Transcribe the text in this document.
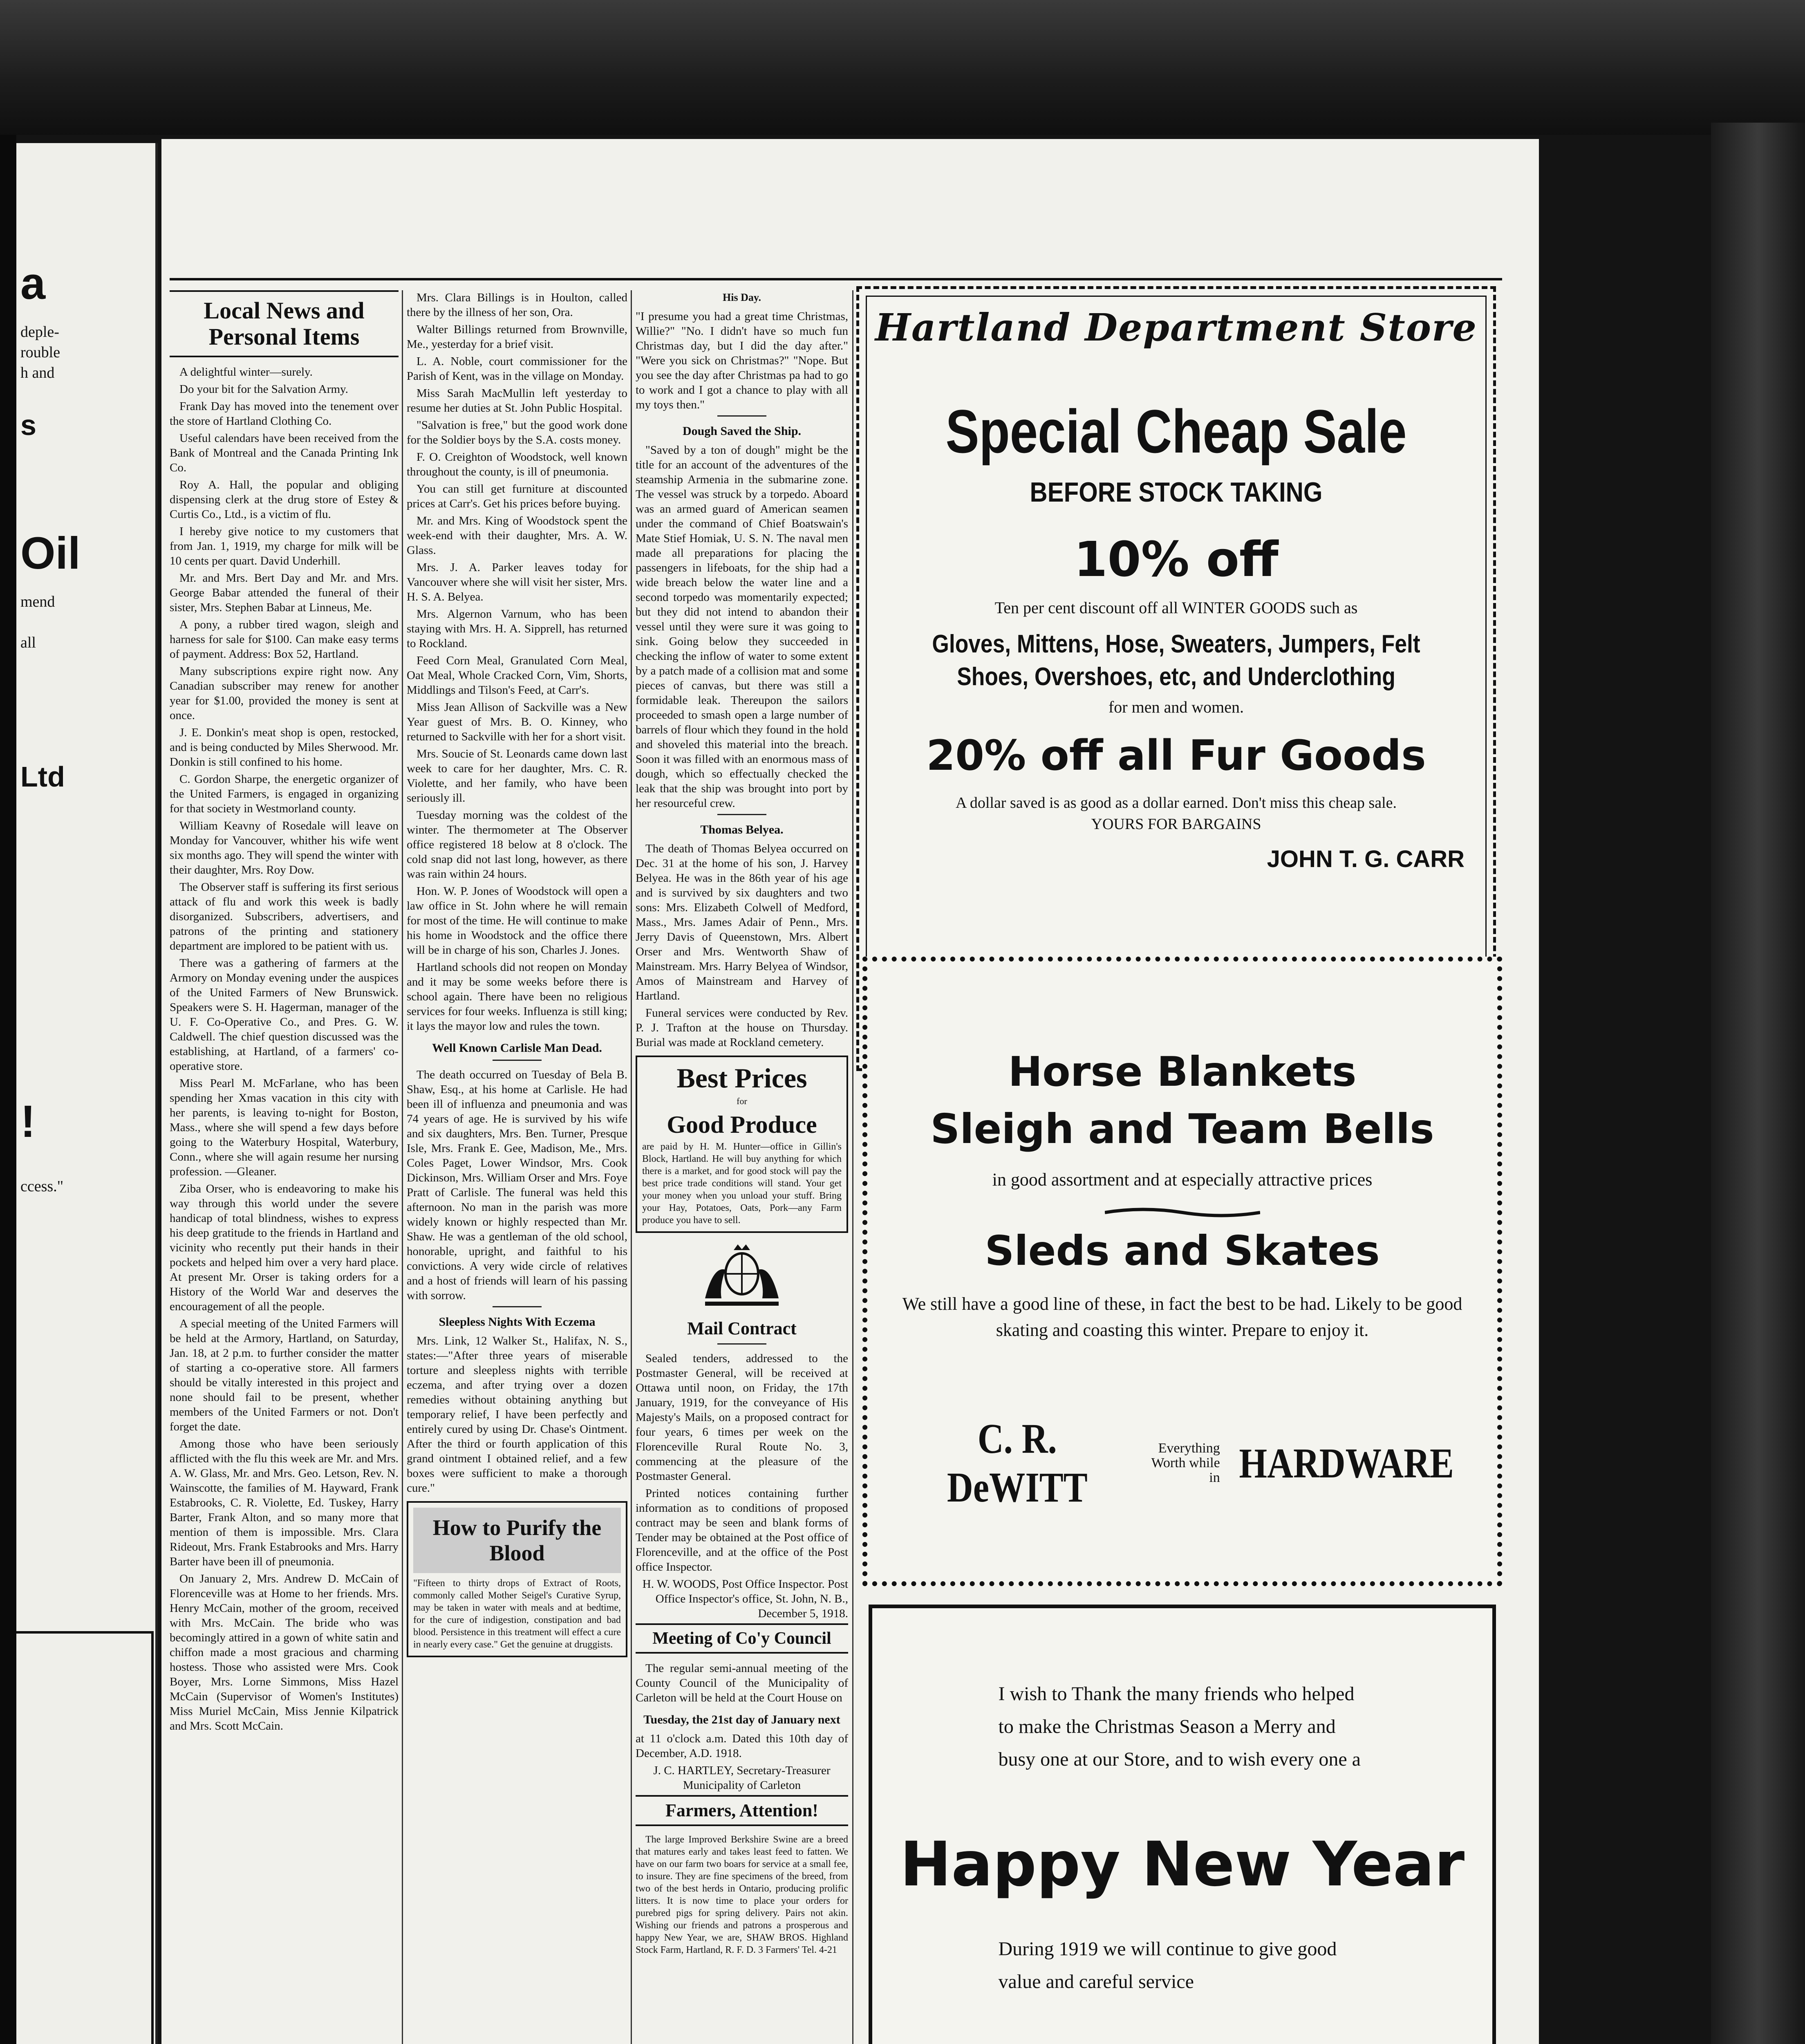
a
deple-
rouble
h and
s
Oil
mend
all
Ltd
!
ccess."
Local News and Personal Items

A delightful winter—surely.

Do your bit for the Salvation Army.

Frank Day has moved into the tenement over the store of Hartland Clothing Co.

Useful calendars have been received from the Bank of Montreal and the Canada Printing Ink Co.

Roy A. Hall, the popular and obliging dispensing clerk at the drug store of Estey & Curtis Co., Ltd., is a victim of flu.

I hereby give notice to my customers that from Jan. 1, 1919, my charge for milk will be 10 cents per quart. David Underhill.

Mr. and Mrs. Bert Day and Mr. and Mrs. George Babar attended the funeral of their sister, Mrs. Stephen Babar at Linneus, Me.

A pony, a rubber tired wagon, sleigh and harness for sale for $100. Can make easy terms of payment. Address: Box 52, Hartland.

Many subscriptions expire right now. Any Canadian subscriber may renew for another year for $1.00, provided the money is sent at once.

J. E. Donkin's meat shop is open, restocked, and is being conducted by Miles Sherwood. Mr. Donkin is still confined to his home.

C. Gordon Sharpe, the energetic organizer of the United Farmers, is engaged in organizing for that society in Westmorland county.

William Keavny of Rosedale will leave on Monday for Vancouver, whither his wife went six months ago. They will spend the winter with their daughter, Mrs. Roy Dow.

The Observer staff is suffering its first serious attack of flu and work this week is badly disorganized. Subscribers, advertisers, and patrons of the printing and stationery department are implored to be patient with us.

There was a gathering of farmers at the Armory on Monday evening under the auspices of the United Farmers of New Brunswick. Speakers were S. H. Hagerman, manager of the U. F. Co-Operative Co., and Pres. G. W. Caldwell. The chief question discussed was the establishing, at Hartland, of a farmers' co-operative store.

Miss Pearl M. McFarlane, who has been spending her Xmas vacation in this city with her parents, is leaving to-night for Boston, Mass., where she will spend a few days before going to the Waterbury Hospital, Waterbury, Conn., where she will again resume her nursing profession. —Gleaner.

Ziba Orser, who is endeavoring to make his way through this world under the severe handicap of total blindness, wishes to express his deep gratitude to the friends in Hartland and vicinity who recently put their hands in their pockets and helped him over a very hard place. At present Mr. Orser is taking orders for a History of the World War and deserves the encouragement of all the people.

A special meeting of the United Farmers will be held at the Armory, Hartland, on Saturday, Jan. 18, at 2 p.m. to further consider the matter of starting a co-operative store. All farmers should be vitally interested in this project and none should fail to be present, whether members of the United Farmers or not. Don't forget the date.

Among those who have been seriously afflicted with the flu this week are Mr. and Mrs. A. W. Glass, Mr. and Mrs. Geo. Letson, Rev. N. Wainscotte, the families of M. Hayward, Frank Estabrooks, C. R. Violette, Ed. Tuskey, Harry Barter, Frank Alton, and so many more that mention of them is impossible. Mrs. Clara Rideout, Mrs. Frank Estabrooks and Mrs. Harry Barter have been ill of pneumonia.

On January 2, Mrs. Andrew D. McCain of Florenceville was at Home to her friends. Mrs. Henry McCain, mother of the groom, received with Mrs. McCain. The bride who was becomingly attired in a gown of white satin and chiffon made a most gracious and charming hostess. Those who assisted were Mrs. Cook Boyer, Mrs. Lorne Simmons, Miss Hazel McCain (Supervisor of Women's Institutes) Miss Muriel McCain, Miss Jennie Kilpatrick and Mrs. Scott McCain.

Mrs. Clara Billings is in Houlton, called there by the illness of her son, Ora.

Walter Billings returned from Brownville, Me., yesterday for a brief visit.

L. A. Noble, court commissioner for the Parish of Kent, was in the village on Monday.

Miss Sarah MacMullin left yesterday to resume her duties at St. John Public Hospital.

"Salvation is free," but the good work done for the Soldier boys by the S.A. costs money.

F. O. Creighton of Woodstock, well known throughout the county, is ill of pneumonia.

You can still get furniture at discounted prices at Carr's. Get his prices before buying.

Mr. and Mrs. King of Woodstock spent the week-end with their daughter, Mrs. A. W. Glass.

Mrs. J. A. Parker leaves today for Vancouver where she will visit her sister, Mrs. H. S. A. Belyea.

Mrs. Algernon Varnum, who has been staying with Mrs. H. A. Sipprell, has returned to Rockland.

Feed Corn Meal, Granulated Corn Meal, Oat Meal, Whole Cracked Corn, Vim, Shorts, Middlings and Tilson's Feed, at Carr's.

Miss Jean Allison of Sackville was a New Year guest of Mrs. B. O. Kinney, who returned to Sackville with her for a short visit.

Mrs. Soucie of St. Leonards came down last week to care for her daughter, Mrs. C. R. Violette, and her family, who have been seriously ill.

Tuesday morning was the coldest of the winter. The thermometer at The Observer office registered 18 below at 8 o'clock. The cold snap did not last long, however, as there was rain within 24 hours.

Hon. W. P. Jones of Woodstock will open a law office in St. John where he will remain for most of the time. He will continue to make his home in Woodstock and the office there will be in charge of his son, Charles J. Jones.

Hartland schools did not reopen on Monday and it may be some weeks before there is school again. There have been no religious services for four weeks. Influenza is still king; it lays the mayor low and rules the town.

Well Known Carlisle Man Dead.

The death occurred on Tuesday of Bela B. Shaw, Esq., at his home at Carlisle. He had been ill of influenza and pneumonia and was 74 years of age. He is survived by his wife and six daughters, Mrs. Ben. Turner, Presque Isle, Mrs. Frank E. Gee, Madison, Me., Mrs. Coles Paget, Lower Windsor, Mrs. Cook Dickinson, Mrs. William Orser and Mrs. Foye Pratt of Carlisle. The funeral was held this afternoon. No man in the parish was more widely known or highly respected than Mr. Shaw. He was a gentleman of the old school, honorable, upright, and faithful to his convictions. A very wide circle of relatives and a host of friends will learn of his passing with sorrow.

Sleepless Nights With Eczema

Mrs. Link, 12 Walker St., Halifax, N. S., states:—"After three years of miserable torture and sleepless nights with terrible eczema, and after trying over a dozen remedies without obtaining anything but temporary relief, I have been perfectly and entirely cured by using Dr. Chase's Ointment. After the third or fourth application of this grand ointment I obtained relief, and a few boxes were sufficient to make a thorough cure."

How to Purify the Blood
"Fifteen to thirty drops of Extract of Roots, commonly called Mother Seigel's Curative Syrup, may be taken in water with meals and at bedtime, for the cure of indigestion, constipation and bad blood. Persistence in this treatment will effect a cure in nearly every case." Get the genuine at druggists.
His Day.

"I presume you had a great time Christmas, Willie?" "No. I didn't have so much fun Christmas day, but I did the day after." "Were you sick on Christmas?" "Nope. But you see the day after Christmas pa had to go to work and I got a chance to play with all my toys then."

Dough Saved the Ship.

"Saved by a ton of dough" might be the title for an account of the adventures of the steamship Armenia in the submarine zone. The vessel was struck by a torpedo. Aboard was an armed guard of American seamen under the command of Chief Boatswain's Mate Stief Homiak, U. S. N. The naval men made all preparations for placing the passengers in lifeboats, for the ship had a wide breach below the water line and a second torpedo was momentarily expected; but they did not intend to abandon their vessel until they were sure it was going to sink. Going below they succeeded in checking the inflow of water to some extent by a patch made of a collision mat and some pieces of canvas, but there was still a formidable leak. Thereupon the sailors proceeded to smash open a large number of barrels of flour which they found in the hold and shoveled this material into the breach. Soon it was filled with an enormous mass of dough, which so effectually checked the leak that the ship was brought into port by her resourceful crew.

Thomas Belyea.

The death of Thomas Belyea occurred on Dec. 31 at the home of his son, J. Harvey Belyea. He was in the 86th year of his age and is survived by six daughters and two sons: Mrs. Elizabeth Colwell of Medford, Mass., Mrs. James Adair of Penn., Mrs. Jerry Davis of Queenstown, Mrs. Albert Orser and Mrs. Wentworth Shaw of Mainstream. Mrs. Harry Belyea of Windsor, Amos of Mainstream and Harvey of Hartland.

Funeral services were conducted by Rev. P. J. Trafton at the house on Thursday. Burial was made at Rockland cemetery.

Best Prices
for
Good Produce
are paid by H. M. Hunter—office in Gillin's Block, Hartland. He will buy anything for which there is a market, and for good stock will pay the best price trade conditions will stand. Your get your money when you unload your stuff. Bring your Hay, Potatoes, Oats, Pork—any Farm produce you have to sell.
Mail Contract

Sealed tenders, addressed to the Postmaster General, will be received at Ottawa until noon, on Friday, the 17th January, 1919, for the conveyance of His Majesty's Mails, on a proposed contract for four years, 6 times per week on the Florenceville Rural Route No. 3, commencing at the pleasure of the Postmaster General.

Printed notices containing further information as to conditions of proposed contract may be seen and blank forms of Tender may be obtained at the Post office of Florenceville, and at the office of the Post office Inspector.

H. W. WOODS, Post Office Inspector. Post Office Inspector's office, St. John, N. B., December 5, 1918.

Meeting of Co'y Council

The regular semi-annual meeting of the County Council of the Municipality of Carleton will be held at the Court House on

Tuesday, the 21st day of January next

at 11 o'clock a.m. Dated this 10th day of December, A.D. 1918.

J. C. HARTLEY, Secretary-Treasurer Municipality of Carleton

Farmers, Attention!

The large Improved Berkshire Swine are a breed that matures early and takes least feed to fatten. We have on our farm two boars for service at a small fee, to insure. They are fine specimens of the breed, from two of the best herds in Ontario, producing prolific litters. It is now time to place your orders for purebred pigs for spring delivery. Pairs not akin. Wishing our friends and patrons a prosperous and happy New Year, we are, SHAW BROS. Highland Stock Farm, Hartland, R. F. D. 3 Farmers' Tel. 4-21

Hartland Department Store
Special Cheap Sale
BEFORE STOCK TAKING
10% off
Ten per cent discount off all WINTER GOODS such as
Gloves, Mittens, Hose, Sweaters, Jumpers, Felt Shoes, Overshoes, etc, and Underclothing
for men and women.
20% off all Fur Goods
A dollar saved is as good as a dollar earned. Don't miss this cheap sale.
YOURS FOR BARGAINS
JOHN T. G. CARR
Horse Blankets
Sleigh and Team Bells
in good assortment and at especially attractive prices
Sleds and Skates
We still have a good line of these, in fact the best to be had. Likely to be good skating and coasting this winter. Prepare to enjoy it.
C. R. DeWITT
Everything
Worth while in HARDWARE
I wish to Thank the many friends who helped to make the Christmas Season a Merry and busy one at our Store, and to wish every one a
Happy New Year
During 1919 we will continue to give good value and careful service
